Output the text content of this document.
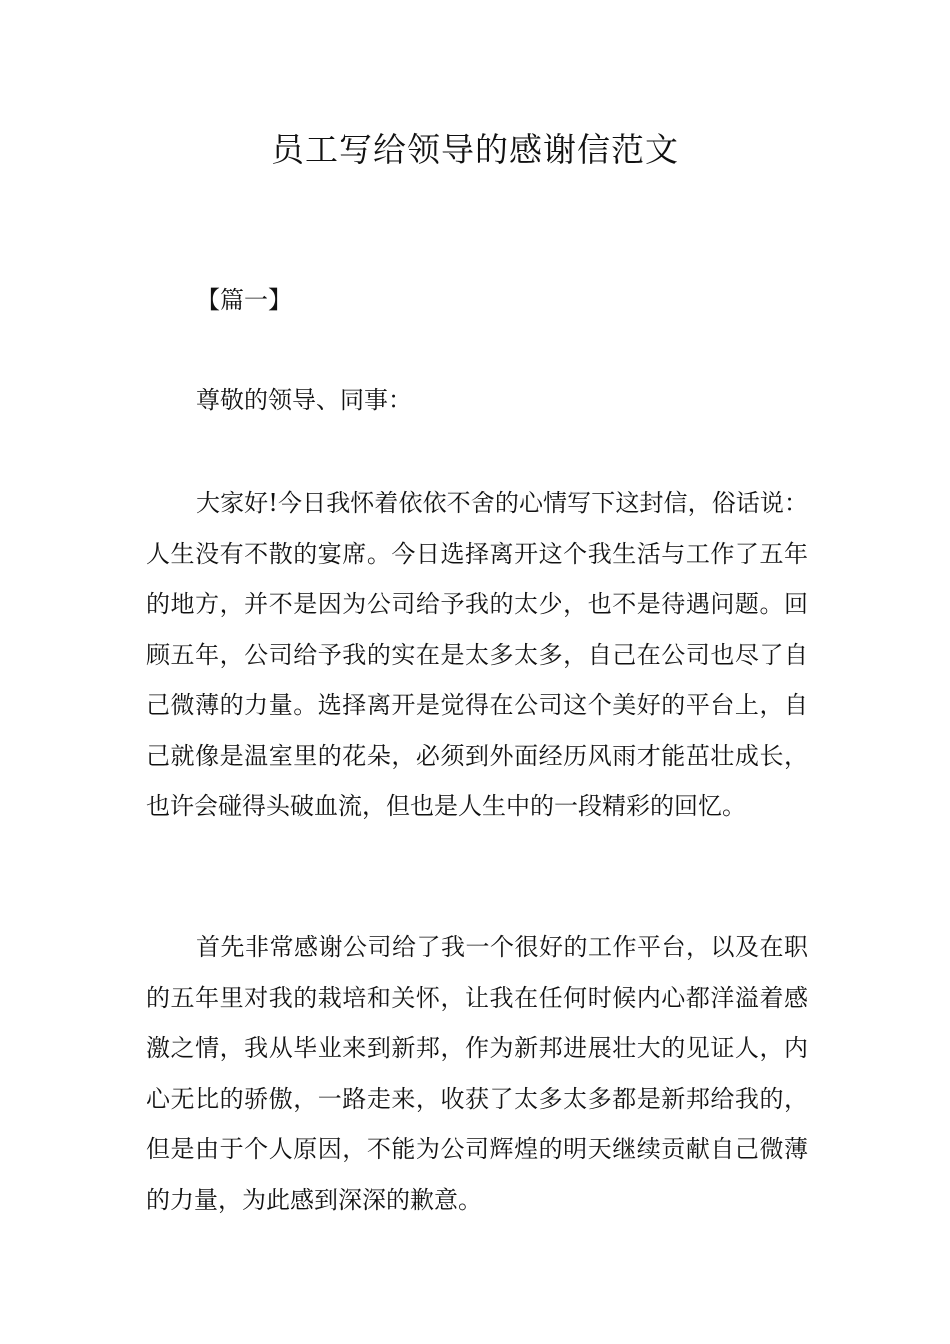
员工写给领导的感谢信范文
【篇一】
尊敬的领导、同事：

大家好!今日我怀着依依不舍的心情写下这封信，俗话说：人生没有不散的宴席。今日选择离开这个我生活与工作了五年的地方，并不是因为公司给予我的太少，也不是待遇问题。回顾五年，公司给予我的实在是太多太多，自己在公司也尽了自己微薄的力量。选择离开是觉得在公司这个美好的平台上，自己就像是温室里的花朵，必须到外面经历风雨才能茁壮成长，也许会碰得头破血流，但也是人生中的一段精彩的回忆。

首先非常感谢公司给了我一个很好的工作平台，以及在职的五年里对我的栽培和关怀，让我在任何时候内心都洋溢着感激之情，我从毕业来到新邦，作为新邦进展壮大的见证人，内心无比的骄傲，一路走来，收获了太多太多都是新邦给我的，但是由于个人原因，不能为公司辉煌的明天继续贡献自己微薄的力量，为此感到深深的歉意。
